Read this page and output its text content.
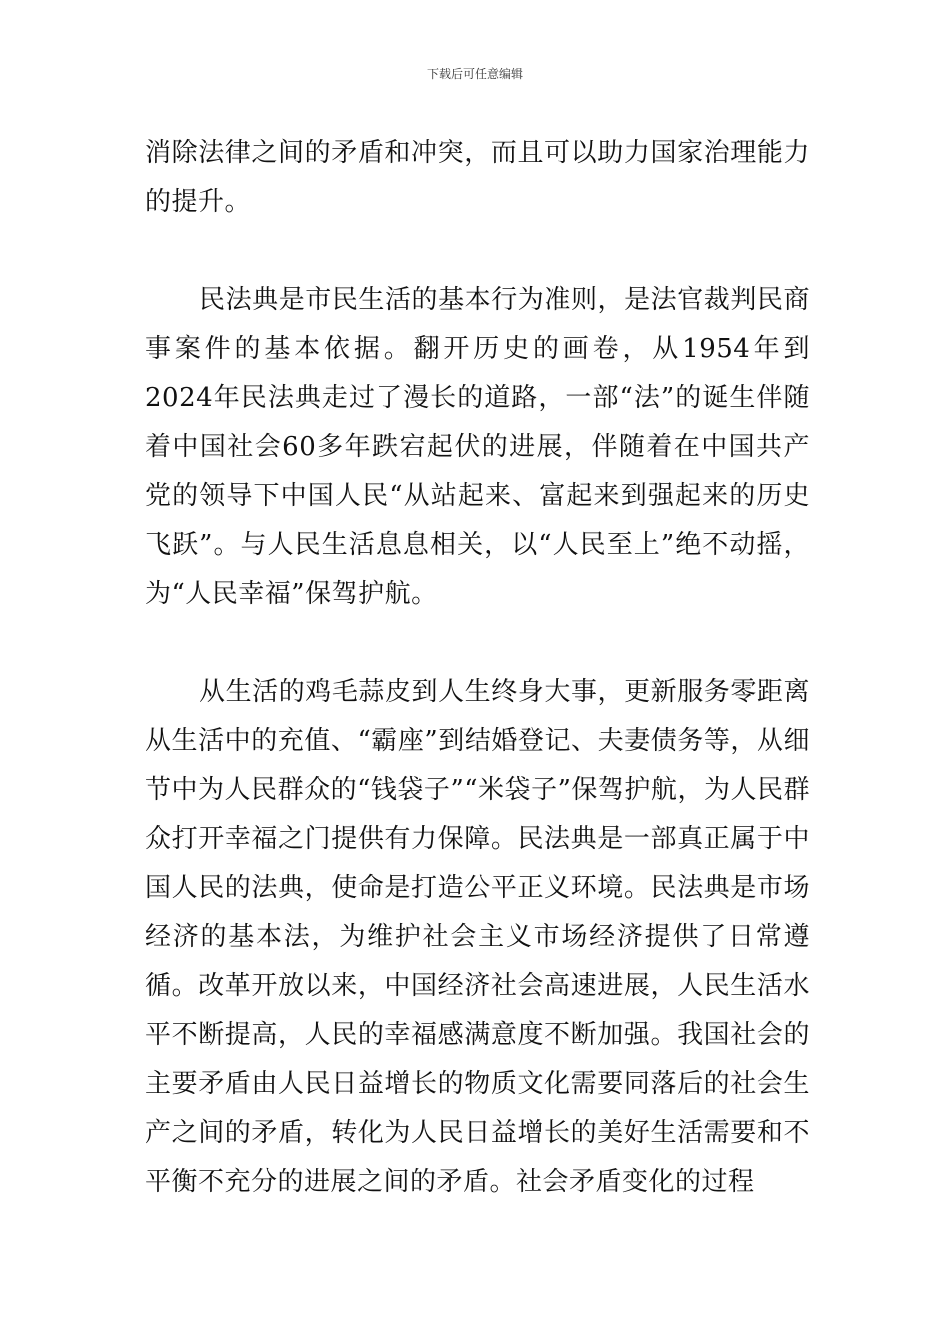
下载后可任意编辑

消除法律之间的矛盾和冲突，而且可以助力国家治理能力的提升。

民法典是市民生活的基本行为准则，是法官裁判民商事案件的基本依据。翻开历史的画卷，从1954年到2024年民法典走过了漫长的道路，一部“法”的诞生伴随着中国社会60多年跌宕起伏的进展，伴随着在中国共产党的领导下中国人民“从站起来、富起来到强起来的历史飞跃”。与人民生活息息相关，以“人民至上”绝不动摇，为“人民幸福”保驾护航。

从生活的鸡毛蒜皮到人生终身大事，更新服务零距离从生活中的充值、“霸座”到结婚登记、夫妻债务等，从细节中为人民群众的“钱袋子”“米袋子”保驾护航，为人民群众打开幸福之门提供有力保障。民法典是一部真正属于中国人民的法典，使命是打造公平正义环境。民法典是市场经济的基本法，为维护社会主义市场经济提供了日常遵循。改革开放以来，中国经济社会高速进展，人民生活水平不断提高，人民的幸福感满意度不断加强。我国社会的主要矛盾由人民日益增长的物质文化需要同落后的社会生产之间的矛盾，转化为人民日益增长的美好生活需要和不平衡不充分的进展之间的矛盾。社会矛盾变化的过程
